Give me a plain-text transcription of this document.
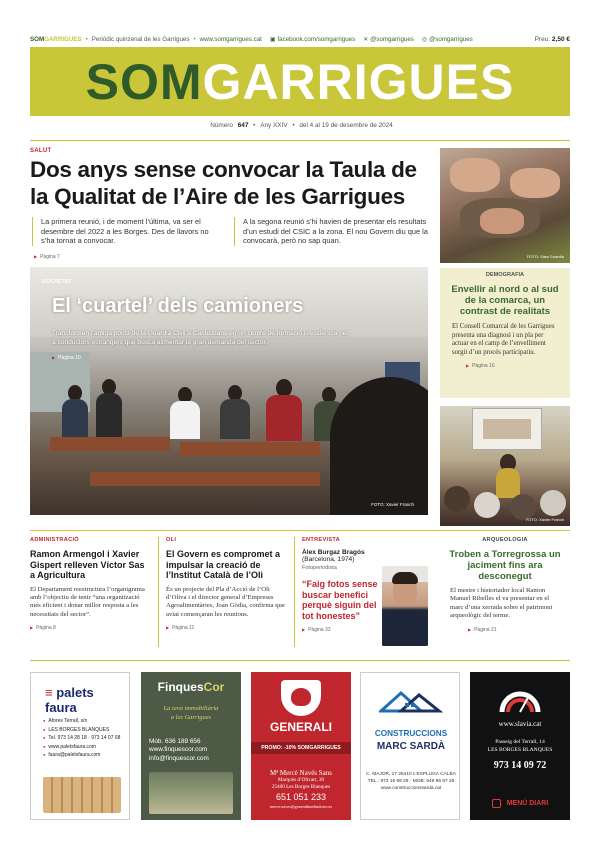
SOMGARRIGUES • Periòdic quinzenal de les Garrigues • www.somgarrigues.cat ▣ facebook.com/somgarrigues ✕ @somgarrigues ◎ @somgarrigues	Preu: 2,50 €
SOMGARRIGUES
Número 647 • Any XXIV • del 4 al 19 de desembre de 2024
SALUT
Dos anys sense convocar la Taula de la Qualitat de l’Aire de les Garrigues
La primera reunió, i de moment l’última, va ser el desembre del 2022 a les Borges. Des de llavors no s’ha tornat a convocar.
A la segona reunió s’hi havien de presentar els resultats d’un estudi del CSIC a la zona. El nou Govern diu que la convocarà, però no sap quan.
▶ Pàgina 7
SOCIETAT
El ‘cuartel’ dels camioners
Transformen l’antiga posta de la Guàrdia Civil a Castelldans en un centre de formació i residència per a conductors estrangers que busca alimentar la gran demanda del sector.
▶ Pàgina 10
FOTO: Xavier Franch
FOTO: Sara Guardia
DEMOGRAFIA
Envellir al nord o al sud de la comarca, un contrast de realitats

El Consell Comarcal de les Garrigues presenta una diagnosi i un pla per actuar en el camp de l’envelliment sorgit d’un procés participatiu.

▶ Pàgina 16
FOTO: Xavier Franch
ADMINISTRACIÓ
Ramon Armengol i Xavier Gispert relleven Víctor Sas a Agricultura

El Departament reestructura l’organigrama amb l’objectiu de tenir “una organització més eficient i donar millor resposta a les necessitats del sector”.

▶ Pàgina 8
OLI
El Govern es compromet a impulsar la creació de l’Institut Català de l’Oli

És un projecte del Pla d’Acció de l’Oli d’Oliva i el director general d’Empreses Agroalimentàries, Joan Gòdia, confirma que aviat començaran les reunions.

▶ Pàgina 11
ENTREVISTA
Àlex Burgaz Bragós (Barcelona, 1974)
Fotoperiodista
“Faig fotos sense buscar benefici perquè siguin del tot honestes”
▶ Pàgina 32
ARQUEOLOGIA
Troben a Torregrossa un jaciment fins ara desconegut

El mestre i historiador local Ramon Manuel Ribelles el va presentar en el marc d’una xerrada sobre el patrimoni arqueològic del terme.

▶ Pàgina 21
≡ palets faura
● Afores Terrall, s/n
● LES BORGES BLANQUES
● Tel. 973 14 28 18 · 973 14 07 68
● www.paletsfaura.com
● faura@paletsfaura.com
FinquesCor
La teva immobiliària
a les Garrigues
Mòb. 636 189 656
www.finquescor.com
info@finquescor.com
GENERALI
PROMO: -10% SOMGARRIGUES
Mª Mercè Navés Sans
Marquès d’Olivart, 30
25400 Les Borges Blanques
651 051 233
merce.naves@generalimediadores.es
CONSTRUCCIONS
MARC SARDÀ
C. MAJOR, 17 25410 L’ESPLUGA CALBA
TEL.: 973 15 69 29 · MOB: 649 86 67 26
www.construccionssarda.cat
www.slavia.cat
Passeig del Terrall, 14
LES BORGES BLANQUES
973 14 09 72
MENÚ DIARI
